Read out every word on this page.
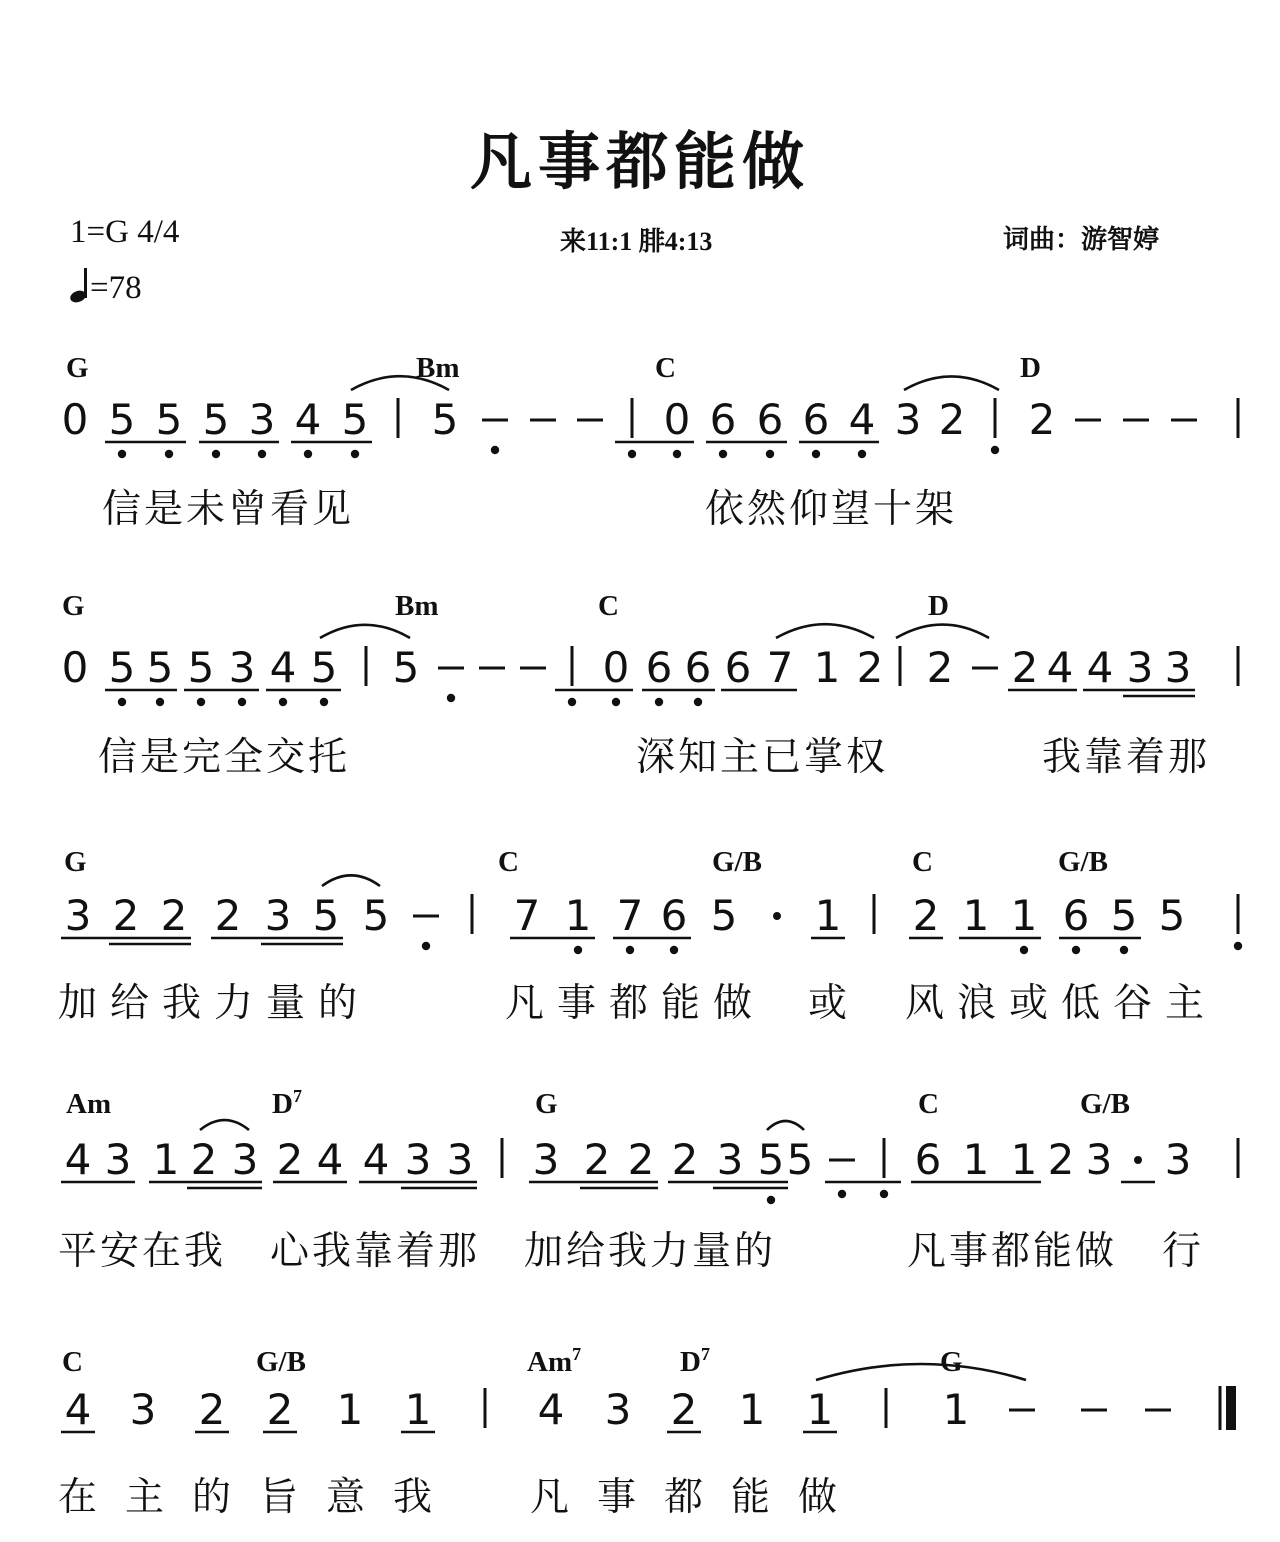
凡事都能做
1=G 4/4
=78
来11:1 腓4:13	词曲：游智婷
G	Bm	C	D
信是未曾看见	依然仰望十架
G	Bm	C	D
信是完全交托	深知主已掌权	我靠着那
G	C	G/B	C	G/B
加给我力量的	凡事都能做 或 风浪或低谷主
Am	$D^7$	G	C	G/B
平安在我 心我靠着那 加给我力量的	凡事都能做 行
C	G/B	Am$^7$	$D^7$	G
在主的旨意我 凡事都能做
0 5 5 5 3 4 5 5	0 6 6 6 4 3 2 2
0 5 5 5 3 4 5 5	0 6 6 6 7 1 2 2 2 4 4 3 3
3 2 2 2 3 5 5	7 1 7 6 5 1 2 1 1 6 5 5
4 3 1 2 3 2 4 4 3 3 3 2 2 2 3 5 5 6 1 1 2 3 3
4 3 2 2 1 1	4 3 2 1 1	1
